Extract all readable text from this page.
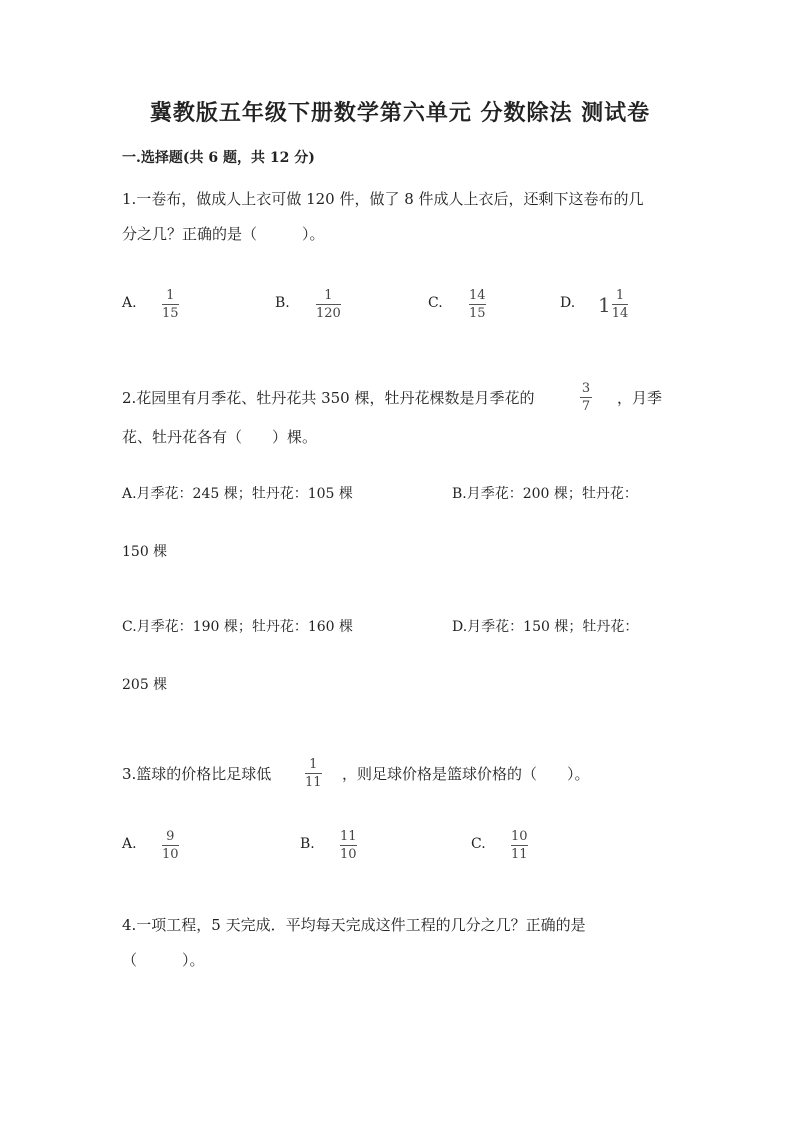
冀教版五年级下册数学第六单元 分数除法 测试卷
一.选择题(共 6 题，共 12 分)
1.一卷布，做成人上衣可做 120 件，做了 8 件成人上衣后，还剩下这卷布的几
分之几？正确的是（　　　）。
A. 1
15
B.	1
120
C. 14
15
D. $1 \frac{1}{14}$
2.花园里有月季花、牡丹花共 350 棵，牡丹花棵数是月季花的
3
7 ，月季
花、牡丹花各有（　　）棵。
A.月季花：245 棵；牡丹花：105 棵	B.月季花：200 棵；牡丹花：
150 棵
C.月季花：190 棵；牡丹花：160 棵	D.月季花：150 棵；牡丹花：
205 棵
3.篮球的价格比足球低
1
11 ，则足球价格是篮球价格的（　　）。
A. 9
10
B. 11
10
C. 10
11
4.一项工程，5 天完成．平均每天完成这件工程的几分之几？正确的是
（　　　）。
